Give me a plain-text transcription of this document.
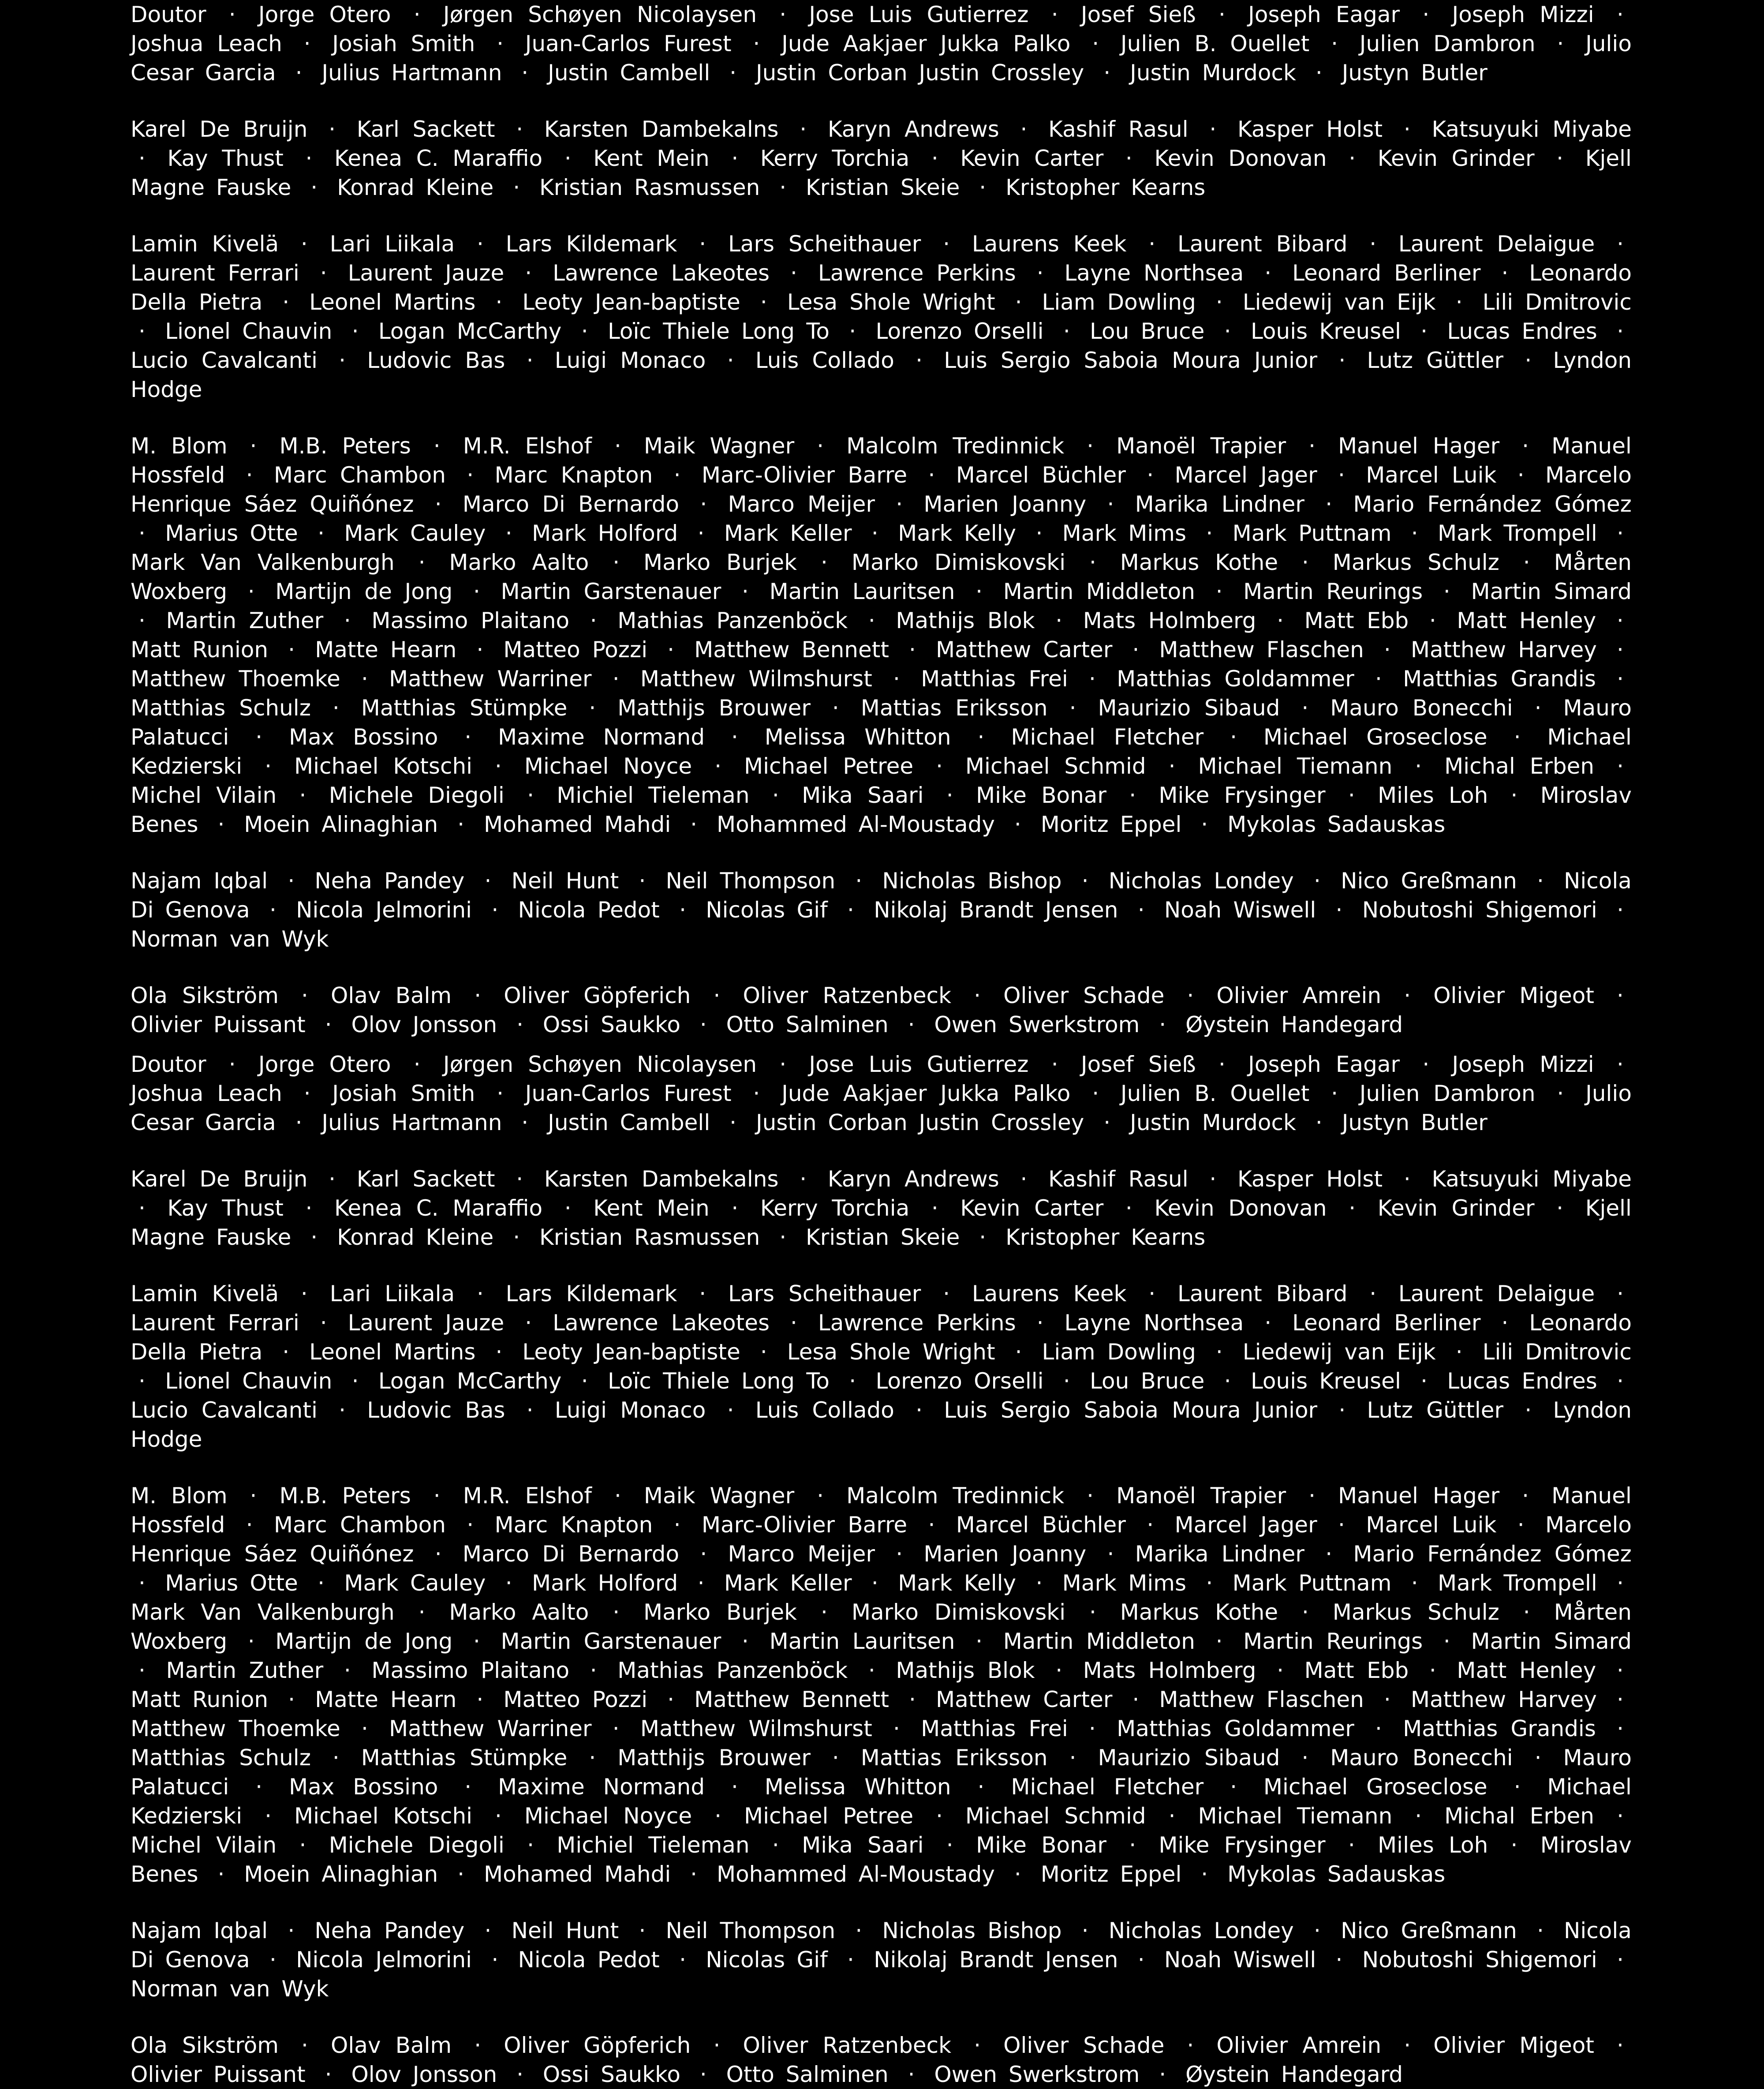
Doutor · Jorge Otero · Jørgen Schøyen Nicolaysen · Jose Luis Gutierrez · Josef Sieß · Joseph Eagar · Joseph Mizzi · Joshua Leach · Josiah Smith · Juan-Carlos Furest · Jude Aakjaer Jukka Palko · Julien B. Ouellet · Julien Dambron · Julio Cesar Garcia · Julius Hartmann · Justin Cambell · Justin Corban Justin Crossley · Justin Murdock · Justyn Butler

Karel De Bruijn · Karl Sackett · Karsten Dambekalns · Karyn Andrews · Kashif Rasul · Kasper Holst · Katsuyuki Miyabe · Kay Thust · Kenea C. Maraffio · Kent Mein · Kerry Torchia · Kevin Carter · Kevin Donovan · Kevin Grinder · Kjell Magne Fauske · Konrad Kleine · Kristian Rasmussen · Kristian Skeie · Kristopher Kearns

Lamin Kivelä · Lari Liikala · Lars Kildemark · Lars Scheithauer · Laurens Keek · Laurent Bibard · Laurent Delaigue · Laurent Ferrari · Laurent Jauze · Lawrence Lakeotes · Lawrence Perkins · Layne Northsea · Leonard Berliner · Leonardo Della Pietra · Leonel Martins · Leoty Jean-baptiste · Lesa Shole Wright · Liam Dowling · Liedewij van Eijk · Lili Dmitrovic · Lionel Chauvin · Logan McCarthy · Loïc Thiele Long To · Lorenzo Orselli · Lou Bruce · Louis Kreusel · Lucas Endres · Lucio Cavalcanti · Ludovic Bas · Luigi Monaco · Luis Collado · Luis Sergio Saboia Moura Junior · Lutz Güttler · Lyndon Hodge

M. Blom · M.B. Peters · M.R. Elshof · Maik Wagner · Malcolm Tredinnick · Manoël Trapier · Manuel Hager · Manuel Hossfeld · Marc Chambon · Marc Knapton · Marc-Olivier Barre · Marcel Büchler · Marcel Jager · Marcel Luik · Marcelo Henrique Sáez Quiñónez · Marco Di Bernardo · Marco Meijer · Marien Joanny · Marika Lindner · Mario Fernández Gómez · Marius Otte · Mark Cauley · Mark Holford · Mark Keller · Mark Kelly · Mark Mims · Mark Puttnam · Mark Trompell · Mark Van Valkenburgh · Marko Aalto · Marko Burjek · Marko Dimiskovski · Markus Kothe · Markus Schulz · Mårten Woxberg · Martijn de Jong · Martin Garstenauer · Martin Lauritsen · Martin Middleton · Martin Reurings · Martin Simard · Martin Zuther · Massimo Plaitano · Mathias Panzenböck · Mathijs Blok · Mats Holmberg · Matt Ebb · Matt Henley · Matt Runion · Matte Hearn · Matteo Pozzi · Matthew Bennett · Matthew Carter · Matthew Flaschen · Matthew Harvey · Matthew Thoemke · Matthew Warriner · Matthew Wilmshurst · Matthias Frei · Matthias Goldammer · Matthias Grandis · Matthias Schulz · Matthias Stümpke · Matthijs Brouwer · Mattias Eriksson · Maurizio Sibaud · Mauro Bonecchi · Mauro Palatucci · Max Bossino · Maxime Normand · Melissa Whitton · Michael Fletcher · Michael Groseclose · Michael Kedzierski · Michael Kotschi · Michael Noyce · Michael Petree · Michael Schmid · Michael Tiemann · Michal Erben · Michel Vilain · Michele Diegoli · Michiel Tieleman · Mika Saari · Mike Bonar · Mike Frysinger · Miles Loh · Miroslav Benes · Moein Alinaghian · Mohamed Mahdi · Mohammed Al-Moustady · Moritz Eppel · Mykolas Sadauskas

Najam Iqbal · Neha Pandey · Neil Hunt · Neil Thompson · Nicholas Bishop · Nicholas Londey · Nico Greßmann · Nicola Di Genova · Nicola Jelmorini · Nicola Pedot · Nicolas Gif · Nikolaj Brandt Jensen · Noah Wiswell · Nobutoshi Shigemori · Norman van Wyk

Ola Sikström · Olav Balm · Oliver Göpferich · Oliver Ratzenbeck · Oliver Schade · Olivier Amrein · Olivier Migeot · Olivier Puissant · Olov Jonsson · Ossi Saukko · Otto Salminen · Owen Swerkstrom · Øystein Handegard

Doutor · Jorge Otero · Jørgen Schøyen Nicolaysen · Jose Luis Gutierrez · Josef Sieß · Joseph Eagar · Joseph Mizzi · Joshua Leach · Josiah Smith · Juan-Carlos Furest · Jude Aakjaer Jukka Palko · Julien B. Ouellet · Julien Dambron · Julio Cesar Garcia · Julius Hartmann · Justin Cambell · Justin Corban Justin Crossley · Justin Murdock · Justyn Butler

Karel De Bruijn · Karl Sackett · Karsten Dambekalns · Karyn Andrews · Kashif Rasul · Kasper Holst · Katsuyuki Miyabe · Kay Thust · Kenea C. Maraffio · Kent Mein · Kerry Torchia · Kevin Carter · Kevin Donovan · Kevin Grinder · Kjell Magne Fauske · Konrad Kleine · Kristian Rasmussen · Kristian Skeie · Kristopher Kearns

Lamin Kivelä · Lari Liikala · Lars Kildemark · Lars Scheithauer · Laurens Keek · Laurent Bibard · Laurent Delaigue · Laurent Ferrari · Laurent Jauze · Lawrence Lakeotes · Lawrence Perkins · Layne Northsea · Leonard Berliner · Leonardo Della Pietra · Leonel Martins · Leoty Jean-baptiste · Lesa Shole Wright · Liam Dowling · Liedewij van Eijk · Lili Dmitrovic · Lionel Chauvin · Logan McCarthy · Loïc Thiele Long To · Lorenzo Orselli · Lou Bruce · Louis Kreusel · Lucas Endres · Lucio Cavalcanti · Ludovic Bas · Luigi Monaco · Luis Collado · Luis Sergio Saboia Moura Junior · Lutz Güttler · Lyndon Hodge

M. Blom · M.B. Peters · M.R. Elshof · Maik Wagner · Malcolm Tredinnick · Manoël Trapier · Manuel Hager · Manuel Hossfeld · Marc Chambon · Marc Knapton · Marc-Olivier Barre · Marcel Büchler · Marcel Jager · Marcel Luik · Marcelo Henrique Sáez Quiñónez · Marco Di Bernardo · Marco Meijer · Marien Joanny · Marika Lindner · Mario Fernández Gómez · Marius Otte · Mark Cauley · Mark Holford · Mark Keller · Mark Kelly · Mark Mims · Mark Puttnam · Mark Trompell · Mark Van Valkenburgh · Marko Aalto · Marko Burjek · Marko Dimiskovski · Markus Kothe · Markus Schulz · Mårten Woxberg · Martijn de Jong · Martin Garstenauer · Martin Lauritsen · Martin Middleton · Martin Reurings · Martin Simard · Martin Zuther · Massimo Plaitano · Mathias Panzenböck · Mathijs Blok · Mats Holmberg · Matt Ebb · Matt Henley · Matt Runion · Matte Hearn · Matteo Pozzi · Matthew Bennett · Matthew Carter · Matthew Flaschen · Matthew Harvey · Matthew Thoemke · Matthew Warriner · Matthew Wilmshurst · Matthias Frei · Matthias Goldammer · Matthias Grandis · Matthias Schulz · Matthias Stümpke · Matthijs Brouwer · Mattias Eriksson · Maurizio Sibaud · Mauro Bonecchi · Mauro Palatucci · Max Bossino · Maxime Normand · Melissa Whitton · Michael Fletcher · Michael Groseclose · Michael Kedzierski · Michael Kotschi · Michael Noyce · Michael Petree · Michael Schmid · Michael Tiemann · Michal Erben · Michel Vilain · Michele Diegoli · Michiel Tieleman · Mika Saari · Mike Bonar · Mike Frysinger · Miles Loh · Miroslav Benes · Moein Alinaghian · Mohamed Mahdi · Mohammed Al-Moustady · Moritz Eppel · Mykolas Sadauskas

Najam Iqbal · Neha Pandey · Neil Hunt · Neil Thompson · Nicholas Bishop · Nicholas Londey · Nico Greßmann · Nicola Di Genova · Nicola Jelmorini · Nicola Pedot · Nicolas Gif · Nikolaj Brandt Jensen · Noah Wiswell · Nobutoshi Shigemori · Norman van Wyk

Ola Sikström · Olav Balm · Oliver Göpferich · Oliver Ratzenbeck · Oliver Schade · Olivier Amrein · Olivier Migeot · Olivier Puissant · Olov Jonsson · Ossi Saukko · Otto Salminen · Owen Swerkstrom · Øystein Handegard
